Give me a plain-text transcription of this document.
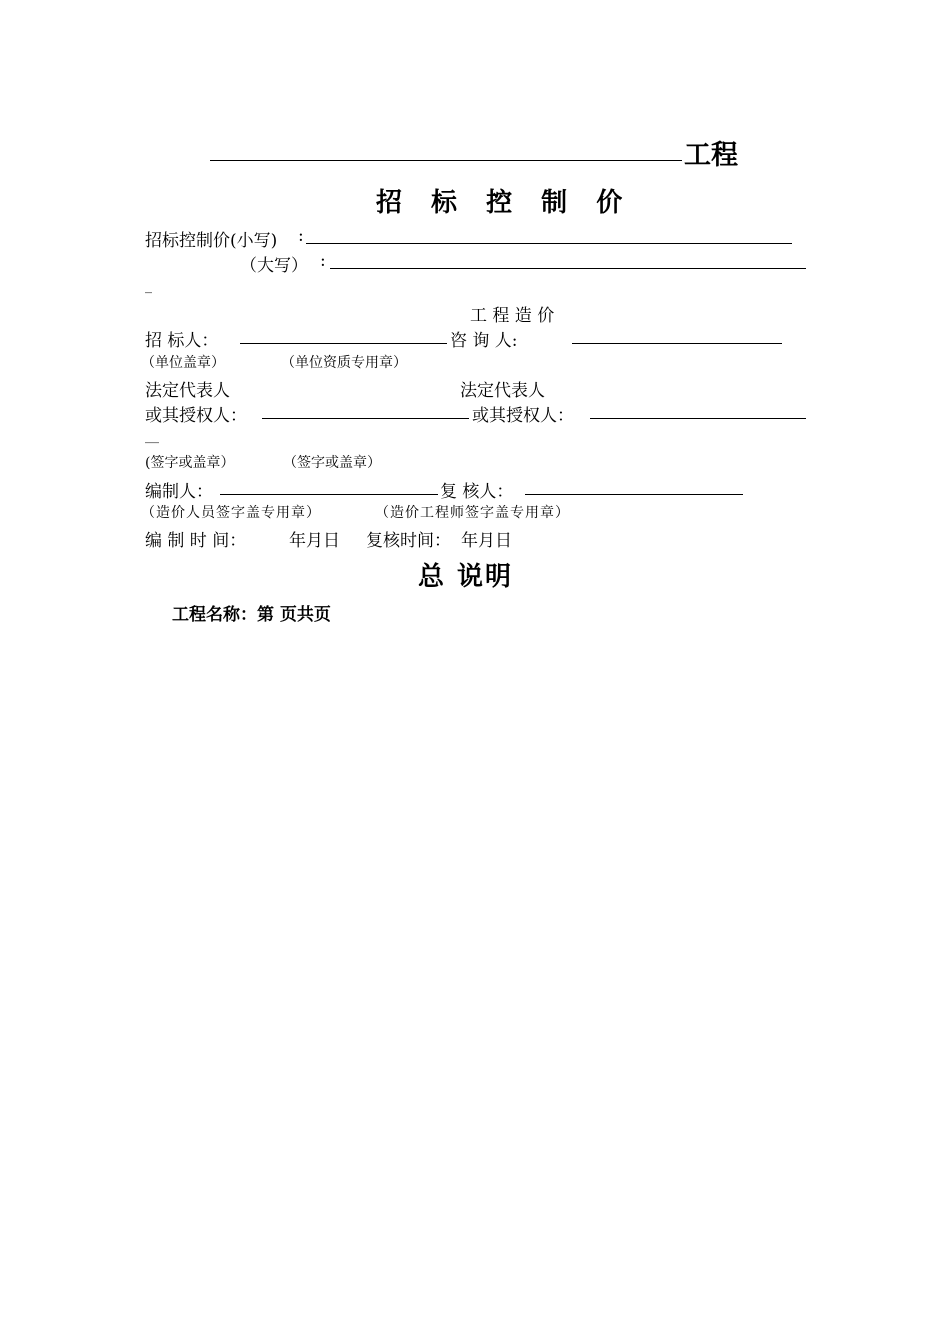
工程
招 标 控 制 价
招标控制价(小写) :
（大写） :
_
工 程 造 价
招 标人：	咨 询 人:
（单位盖章）	（单位资质专用章）
法定代表人	法定代表人
或其授权人：	或其授权人：
__
(签字或盖章）	（签字或盖章）
编制人：	复 核人：
（造价人员签字盖专用章）	（造价工程师签字盖专用章）
编 制 时 间：	年月日 复核时间： 年月日
总 说明
工程名称：第 页共页
